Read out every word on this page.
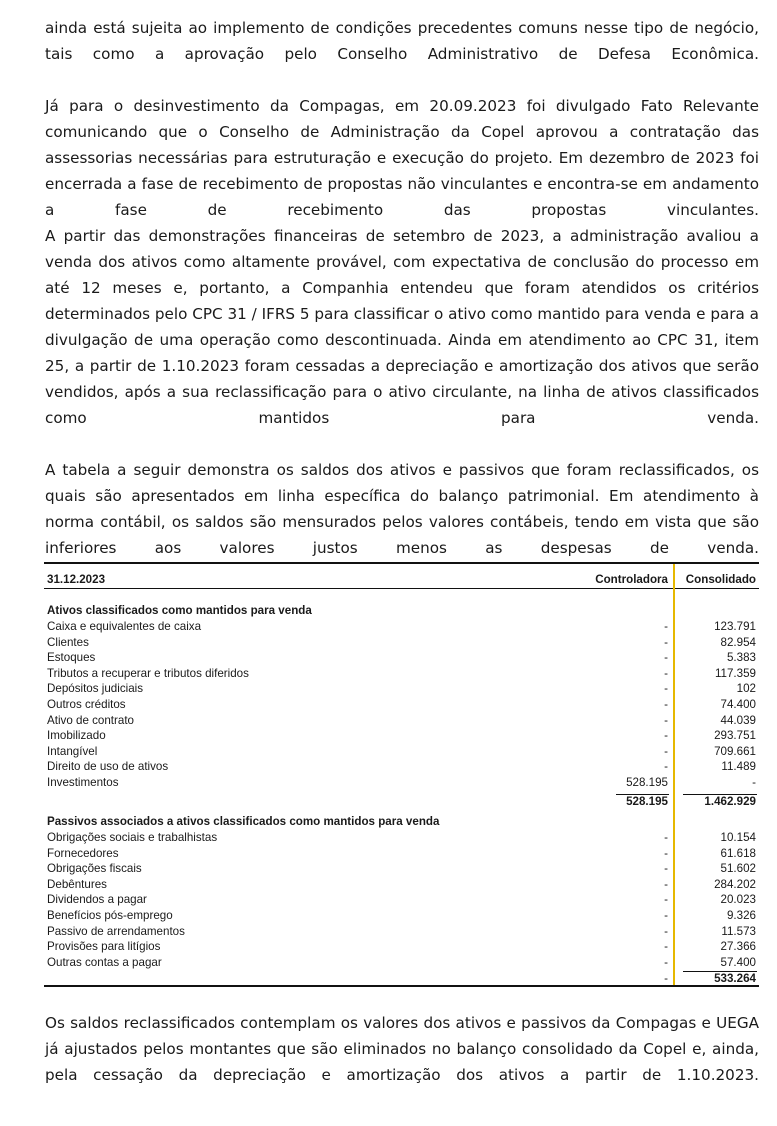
ainda está sujeita ao implemento de condições precedentes comuns nesse tipo de negócio, tais como a aprovação pelo Conselho Administrativo de Defesa Econômica.

Já para o desinvestimento da Compagas, em 20.09.2023 foi divulgado Fato Relevante comunicando que o Conselho de Administração da Copel aprovou a contratação das assessorias necessárias para estruturação e execução do projeto. Em dezembro de 2023 foi encerrada a fase de recebimento de propostas não vinculantes e encontra-se em andamento a fase de recebimento das propostas vinculantes.

A partir das demonstrações financeiras de setembro de 2023, a administração avaliou a venda dos ativos como altamente provável, com expectativa de conclusão do processo em até 12 meses e, portanto, a Companhia entendeu que foram atendidos os critérios determinados pelo CPC 31 / IFRS 5 para classificar o ativo como mantido para venda e para a divulgação de uma operação como descontinuada. Ainda em atendimento ao CPC 31, item 25, a partir de 1.10.2023 foram cessadas a depreciação e amortização dos ativos que serão vendidos, após a sua reclassificação para o ativo circulante, na linha de ativos classificados como mantidos para venda.

A tabela a seguir demonstra os saldos dos ativos e passivos que foram reclassificados, os quais são apresentados em linha específica do balanço patrimonial. Em atendimento à norma contábil, os saldos são mensurados pelos valores contábeis, tendo em vista que são inferiores aos valores justos menos as despesas de venda.

31.12.2023	Controladora Consolidado
Ativos classificados como mantidos para venda
Caixa e equivalentes de caixa	-	123.791
Clientes	-	82.954
Estoques	-	5.383
Tributos a recuperar e tributos diferidos	-	117.359
Depósitos judiciais	-	102
Outros créditos	-	74.400
Ativo de contrato	-	44.039
Imobilizado	-	293.751
Intangível	-	709.661
Direito de uso de ativos	-	11.489
Investimentos	528.195	-
528.195	1.462.929
Passivos associados a ativos classificados como mantidos para venda
Obrigações sociais e trabalhistas	-	10.154
Fornecedores	-	61.618
Obrigações fiscais	-	51.602
Debêntures	-	284.202
Dividendos a pagar	-	20.023
Benefícios pós-emprego	-	9.326
Passivo de arrendamentos	-	11.573
Provisões para litígios	-	27.366
Outras contas a pagar	-	57.400
-	533.264

Os saldos reclassificados contemplam os valores dos ativos e passivos da Compagas e UEGA já ajustados pelos montantes que são eliminados no balanço consolidado da Copel e, ainda, pela cessação da depreciação e amortização dos ativos a partir de 1.10.2023.
